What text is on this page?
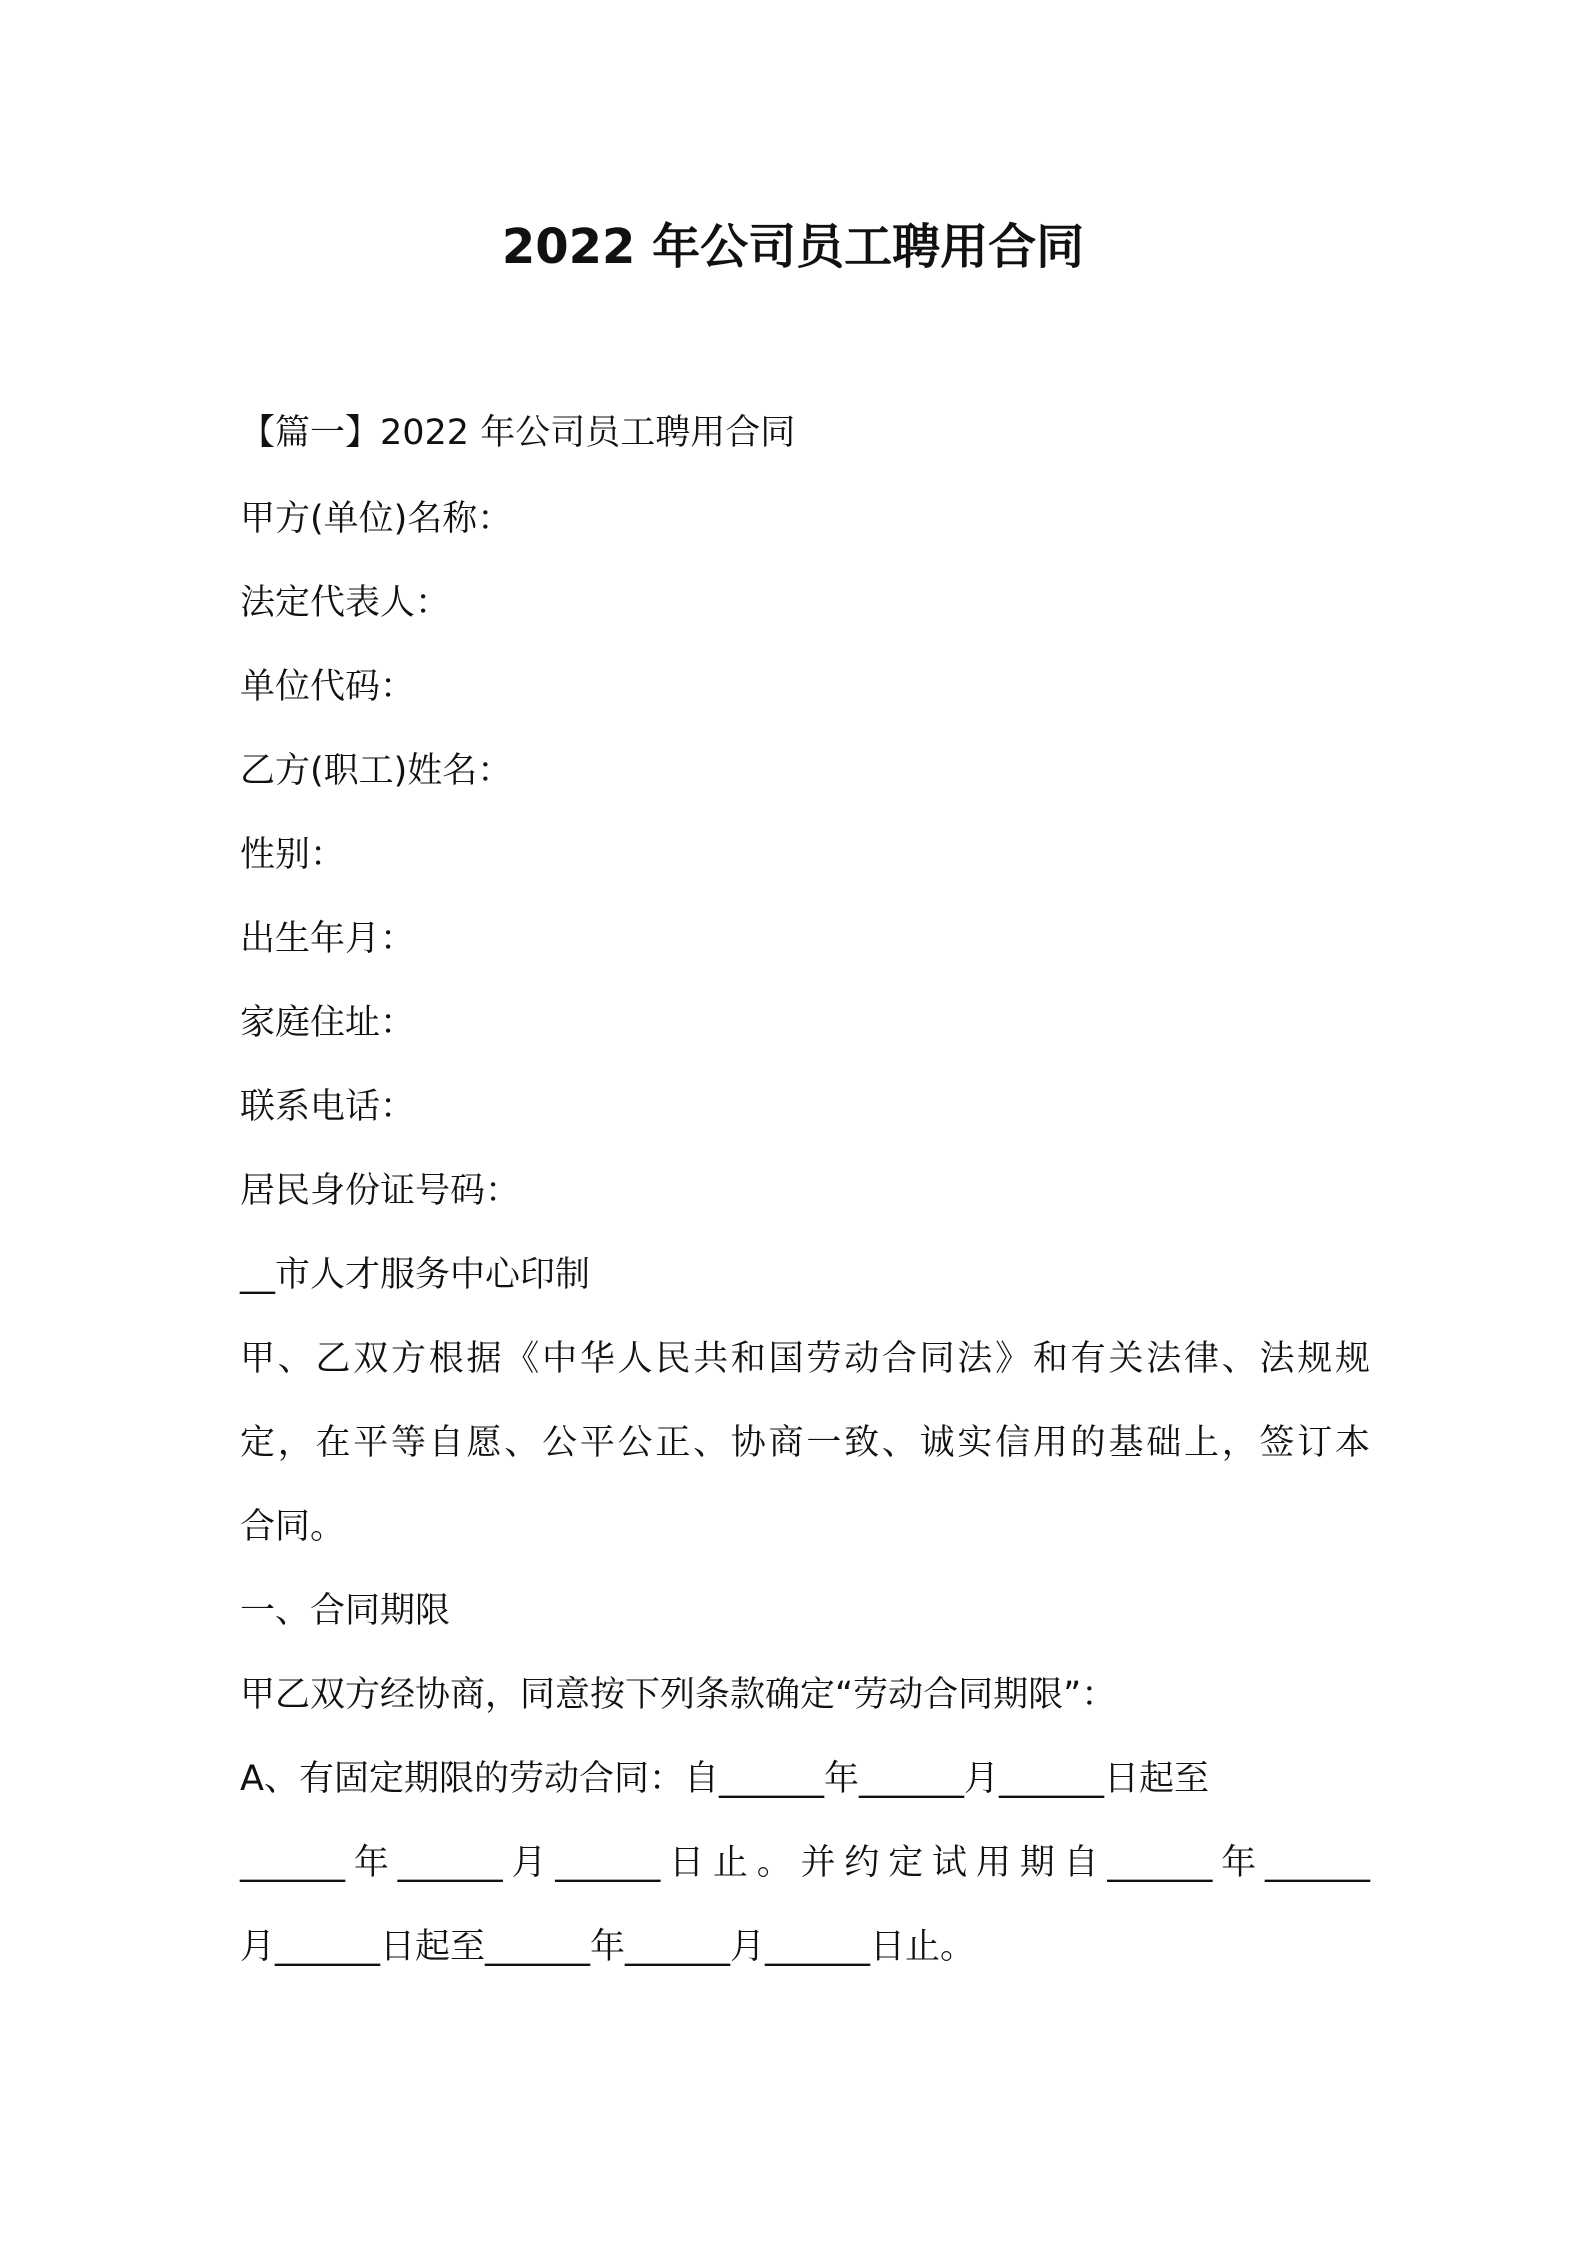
2022 年公司员工聘用合同
【篇一】2022 年公司员工聘用合同
甲方(单位)名称：
法定代表人：
单位代码：
乙方(职工)姓名：
性别：
出生年月：
家庭住址：
联系电话：
居民身份证号码：
__市人才服务中心印制
甲、乙双方根据《中华人民共和国劳动合同法》和有关法律、法规规
定，在平等自愿、公平公正、协商一致、诚实信用的基础上，签订本
合同。
一、合同期限
甲乙双方经协商，同意按下列条款确定“劳动合同期限”：
A、有固定期限的劳动合同：自______年______月______日起至
______年______月______日止。并约定试用期自______年______
月______日起至______年______月______日止。
